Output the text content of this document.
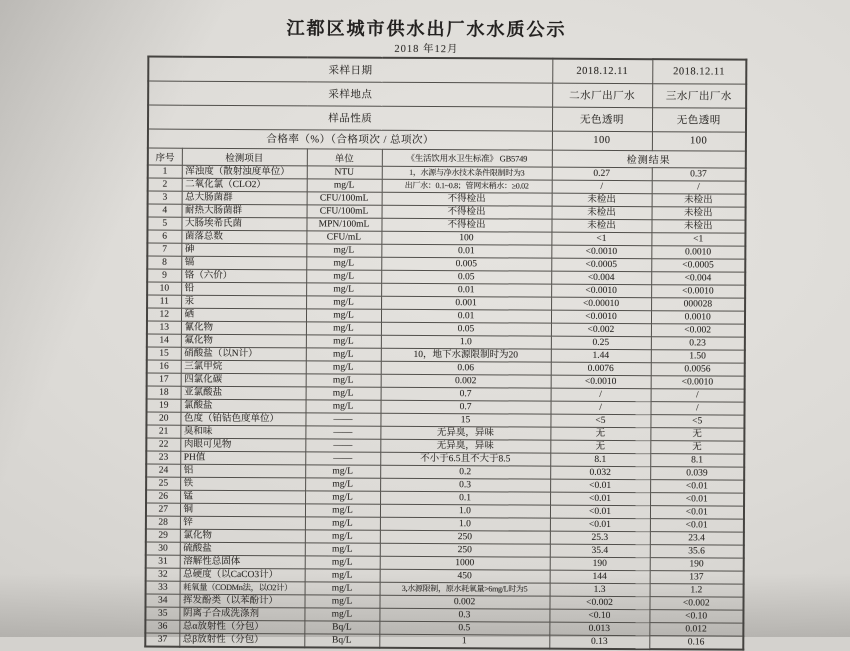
江都区城市供水出厂水水质公示
2018 年12月
采样日期				2018.12.11	2018.12.11
采样地点				二水厂出厂水	三水厂出厂水
样品性质				无色透明	无色透明
合格率（%）（合格项次 / 总项次）				100	100
序号	检测项目	单位	《生活饮用水卫生标准》 GB5749	检测结果	
1	浑浊度（散射浊度单位）	NTU	1，水源与净水技术条件限制时为3	0.27	0.37
2	二氧化氯（CLO2）	mg/L	出厂水：0.1~0.8；管网末稍水：≥0.02	/	/
3	总大肠菌群	CFU/100mL	不得检出	未检出	未检出
4	耐热大肠菌群	CFU/100mL	不得检出	未检出	未检出
5	大肠埃希氏菌	MPN/100mL	不得检出	未检出	未检出
6	菌落总数	CFU/mL	100	<1	<1
7	砷	mg/L	0.01	<0.0010	0.0010
8	镉	mg/L	0.005	<0.0005	<0.0005
9	铬（六价）	mg/L	0.05	<0.004	<0.004
10	铅	mg/L	0.01	<0.0010	<0.0010
11	汞	mg/L	0.001	<0.00010	000028
12	硒	mg/L	0.01	<0.0010	0.0010
13	氰化物	mg/L	0.05	<0.002	<0.002
14	氟化物	mg/L	1.0	0.25	0.23
15	硝酸盐（以N计）	mg/L	10，地下水源限制时为20	1.44	1.50
16	三氯甲烷	mg/L	0.06	0.0076	0.0056
17	四氯化碳	mg/L	0.002	<0.0010	<0.0010
18	亚氯酸盐	mg/L	0.7	/	/
19	氯酸盐	mg/L	0.7	/	/
20	色度（铂钴色度单位）	——	15	<5	<5
21	臭和味	——	无异臭，异味	无	无
22	肉眼可见物	——	无异臭，异味	无	无
23	PH值	——	不小于6.5且不大于8.5	8.1	8.1
24	铝	mg/L	0.2	0.032	0.039
25	铁	mg/L	0.3	<0.01	<0.01
26	锰	mg/L	0.1	<0.01	<0.01
27	铜	mg/L	1.0	<0.01	<0.01
28	锌	mg/L	1.0	<0.01	<0.01
29	氯化物	mg/L	250	25.3	23.4
30	硫酸盐	mg/L	250	35.4	35.6
31	溶解性总固体	mg/L	1000	190	190
32	总硬度（以CaCO3计）	mg/L	450	144	137
33	耗氧量（CODMn法，以O2计）	mg/L	3,水源限制，原水耗氧量>6mg/L时为5	1.3	1.2
34	挥发酚类（以苯酚计）	mg/L	0.002	<0.002	<0.002
35	阴离子合成洗涤剂	mg/L	0.3	<0.10	<0.10
36	总α放射性（分包）	Bq/L	0.5	0.013	0.012
37	总β放射性（分包）	Bq/L	1	0.13	0.16
